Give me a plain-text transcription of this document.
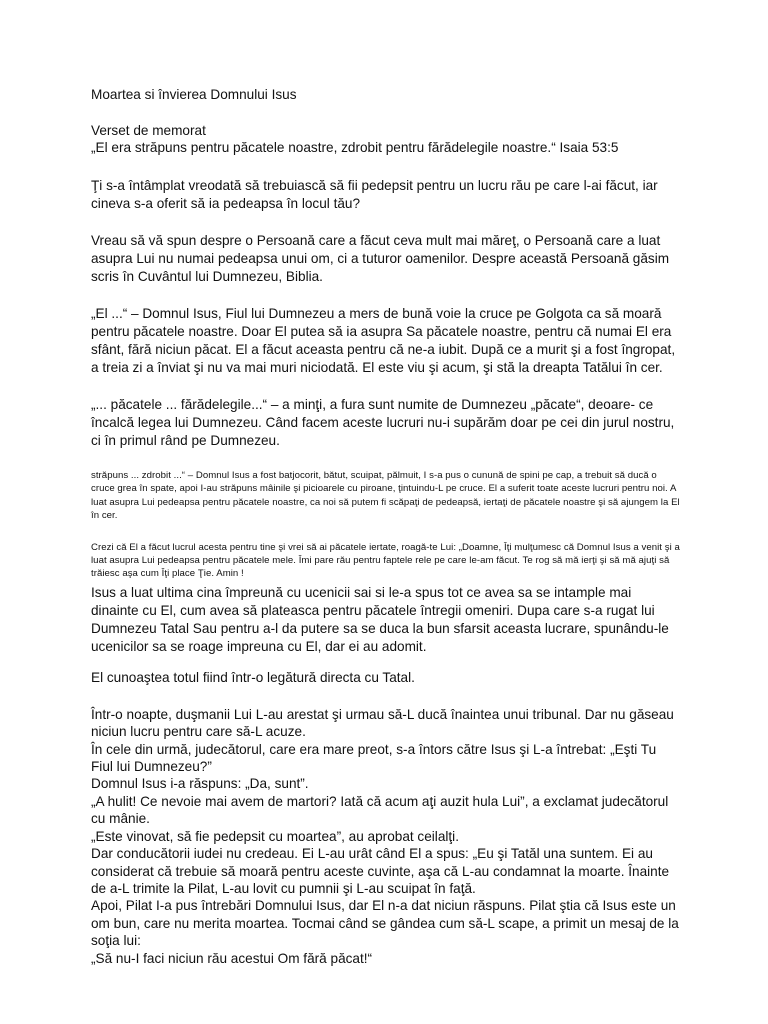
Moartea si învierea Domnului Isus

Verset de memorat

„El era străpuns pentru păcatele noastre, zdrobit pentru fărădelegile noastre.“ Isaia 53:5

Ţi s-a întâmplat vreodată să trebuiască să fii pedepsit pentru un lucru rău pe care l-ai făcut, iar cineva s-a oferit să ia pedeapsa în locul tău?

Vreau să vă spun despre o Persoană care a făcut ceva mult mai măreţ, o Persoană care a luat asupra Lui nu numai pedeapsa unui om, ci a tuturor oamenilor. Despre această Persoană găsim scris în Cuvântul lui Dumnezeu, Biblia.

„El ...“ – Domnul Isus, Fiul lui Dumnezeu a mers de bună voie la cruce pe Golgota ca să moară pentru păcatele noastre. Doar El putea să ia asupra Sa păcatele noastre, pentru că numai El era sfânt, fără niciun păcat. El a făcut aceasta pentru că ne-a iubit. După ce a murit şi a fost îngropat, a treia zi a înviat şi nu va mai muri niciodată. El este viu şi acum, şi stă la dreapta Tatălui în cer.

„... păcatele ... fărădelegile...“ – a minţi, a fura sunt numite de Dumnezeu „păcate“, deoare- ce încalcă legea lui Dumnezeu. Când facem aceste lucruri nu-i supărăm doar pe cei din jurul nostru, ci în primul rând pe Dumnezeu.

străpuns ... zdrobit ...“ – Domnul Isus a fost batjocorit, bătut, scuipat, pălmuit, I s-a pus o cunună de spini pe cap, a trebuit să ducă o cruce grea în spate, apoi I-au străpuns mâinile şi picioarele cu piroane, ţintuindu-L pe cruce. El a suferit toate aceste lucruri pentru noi. A luat asupra Lui pedeapsa pentru păcatele noastre, ca noi să putem fi scăpaţi de pedeapsă, iertaţi de păcatele noastre şi să ajungem la El în cer.

Crezi că El a făcut lucrul acesta pentru tine şi vrei să ai păcatele iertate, roagă-te Lui: „Doamne, Îţi mulţumesc că Domnul Isus a venit şi a luat asupra Lui pedeapsa pentru păcatele mele. Îmi pare rău pentru faptele rele pe care le-am făcut. Te rog să mă ierţi şi să mă ajuţi să trăiesc aşa cum Îţi place Ţie. Amin !

Isus a luat ultima cina împreună cu ucenicii sai si le-a spus tot ce avea sa se intample mai dinainte cu El, cum avea să plateasca pentru păcatele întregii omeniri. Dupa care s-a rugat lui Dumnezeu Tatal Sau pentru a-l da putere sa se duca la bun sfarsit aceasta lucrare, spunându-le ucenicilor sa se roage impreuna cu El, dar ei au adomit.

El cunoaştea totul fiind într-o legătură directa cu Tatal.

Într-o noapte, duşmanii Lui L-au arestat şi urmau să-L ducă înaintea unui tribunal. Dar nu găseau niciun lucru pentru care să-L acuze.
În cele din urmă, judecătorul, care era mare preot, s-a întors către Isus şi L-a întrebat: „Eşti Tu Fiul lui Dumnezeu?”
Domnul Isus i-a răspuns: „Da, sunt”.
„A hulit! Ce nevoie mai avem de martori? Iată că acum aţi auzit hula Lui”, a exclamat judecătorul cu mânie.
„Este vinovat, să fie pedepsit cu moartea”, au aprobat ceilalţi.
Dar conducătorii iudei nu credeau. Ei L-au urât când El a spus: „Eu şi Tatăl una suntem. Ei au considerat că trebuie să moară pentru aceste cuvinte, aşa că L-au condamnat la moarte. Înainte de a-L trimite la Pilat, L-au lovit cu pumnii şi L-au scuipat în faţă.
Apoi, Pilat I-a pus întrebări Domnului Isus, dar El n-a dat niciun răspuns. Pilat ştia că Isus este un om bun, care nu merita moartea. Tocmai când se gândea cum să-L scape, a primit un mesaj de la soţia lui:
„Să nu-I faci niciun rău acestui Om fără păcat!“
